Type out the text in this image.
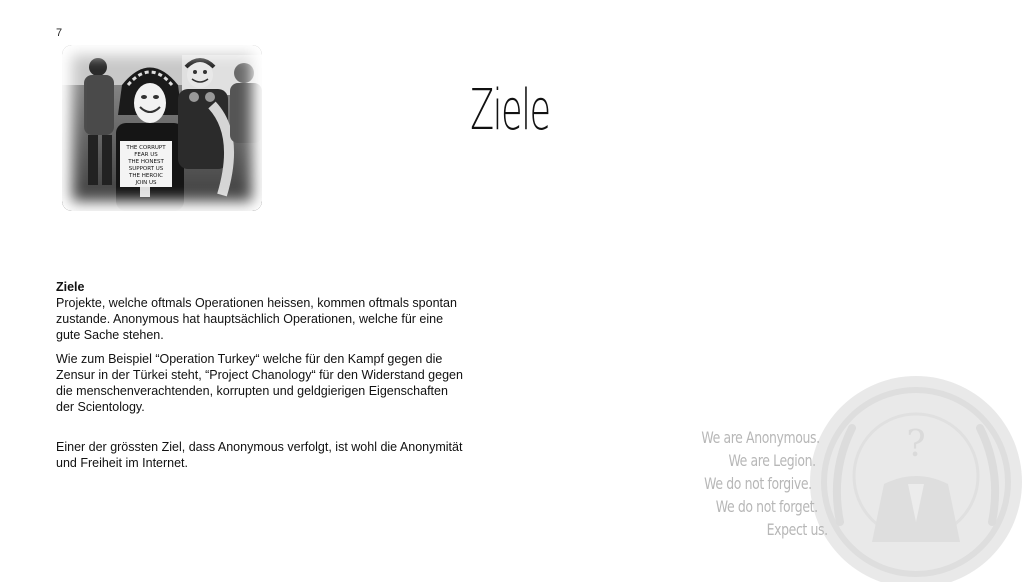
7
THE CORRUPT
FEAR US
THE HONEST
SUPPORT US
THE HEROIC
JOIN US
Ziele
Ziele

Projekte, welche oftmals Operationen heissen, kommen oftmals spontan zustande. Anonymous hat hauptsächlich Operationen, welche für eine gute Sache stehen.

Wie zum Beispiel “Operation Turkey“ welche für den Kampf gegen die Zensur in der Türkei steht, “Project Chanology“ für den Widerstand gegen die menschenverachtenden, korrupten und geldgierigen Eigenschaften der Scientology.

Einer der grössten Ziel, dass Anonymous verfolgt, ist wohl die Anonymität und Freiheit im Internet.	?
We are Anonymous.
We are Legion.
We do not forgive.
We do not forget.
Expect us.
